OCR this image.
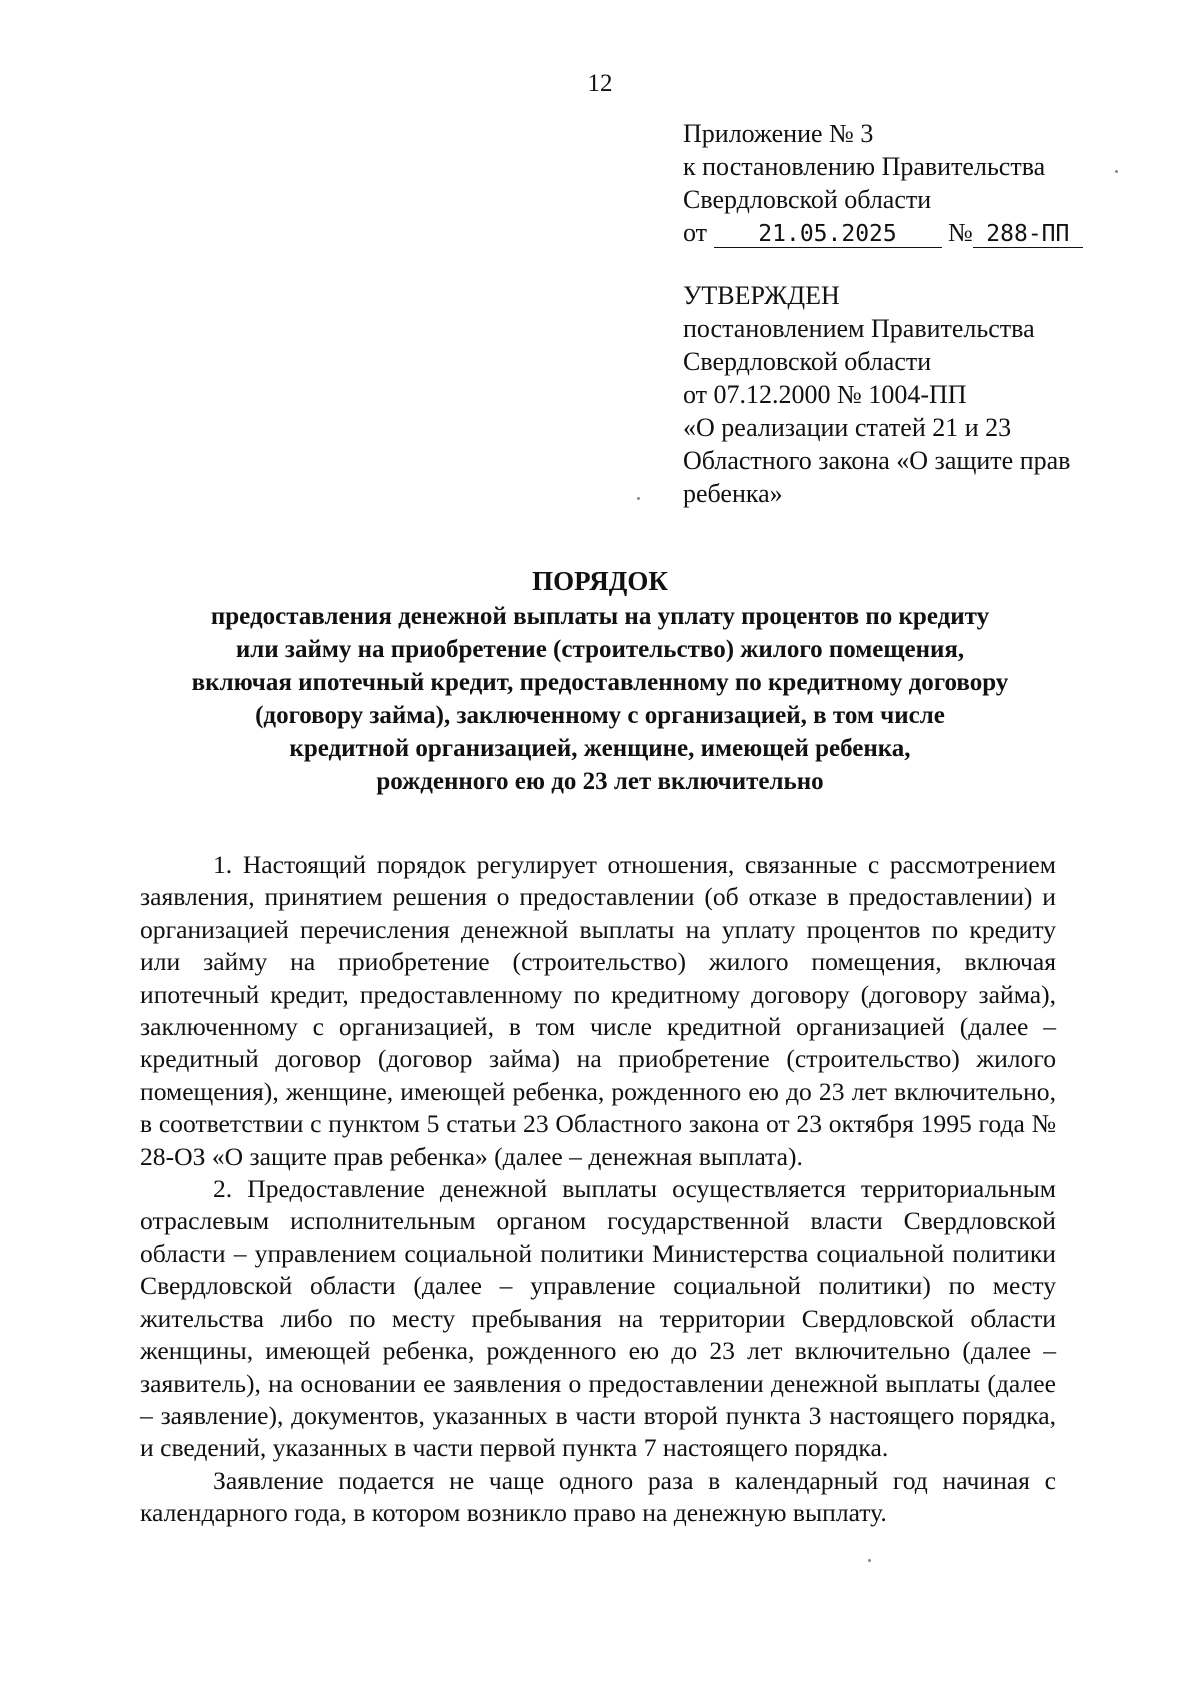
12
Приложение № 3
к постановлению Правительства
Свердловской области
от 21.05.2025 № 288-ПП
УТВЕРЖДЕН
постановлением Правительства
Свердловской области
от 07.12.2000 № 1004-ПП
«О реализации статей 21 и 23
Областного закона «О защите прав
ребенка»
ПОРЯДОК
предоставления денежной выплаты на уплату процентов по кредиту
или займу на приобретение (строительство) жилого помещения,
включая ипотечный кредит, предоставленному по кредитному договору
(договору займа), заключенному с организацией, в том числе
кредитной организацией, женщине, имеющей ребенка,
рожденного ею до 23 лет включительно

1. Настоящий порядок регулирует отношения, связанные с рассмотрением заявления, принятием решения о предоставлении (об отказе в предоставлении) и организацией перечисления денежной выплаты на уплату процентов по кредиту или займу на приобретение (строительство) жилого помещения, включая ипотечный кредит, предоставленному по кредитному договору (договору займа), заключенному с организацией, в том числе кредитной организацией (далее – кредитный договор (договор займа) на приобретение (строительство) жилого помещения), женщине, имеющей ребенка, рожденного ею до 23 лет включительно, в соответствии с пунктом 5 статьи 23 Областного закона от 23 октября 1995 года № 28-ОЗ «О защите прав ребенка» (далее – денежная выплата).

2. Предоставление денежной выплаты осуществляется территориальным отраслевым исполнительным органом государственной власти Свердловской области – управлением социальной политики Министерства социальной политики Свердловской области (далее – управление социальной политики) по месту жительства либо по месту пребывания на территории Свердловской области женщины, имеющей ребенка, рожденного ею до 23 лет включительно (далее – заявитель), на основании ее заявления о предоставлении денежной выплаты (далее – заявление), документов, указанных в части второй пункта 3 настоящего порядка, и сведений, указанных в части первой пункта 7 настоящего порядка.

Заявление подается не чаще одного раза в календарный год начиная с календарного года, в котором возникло право на денежную выплату.
